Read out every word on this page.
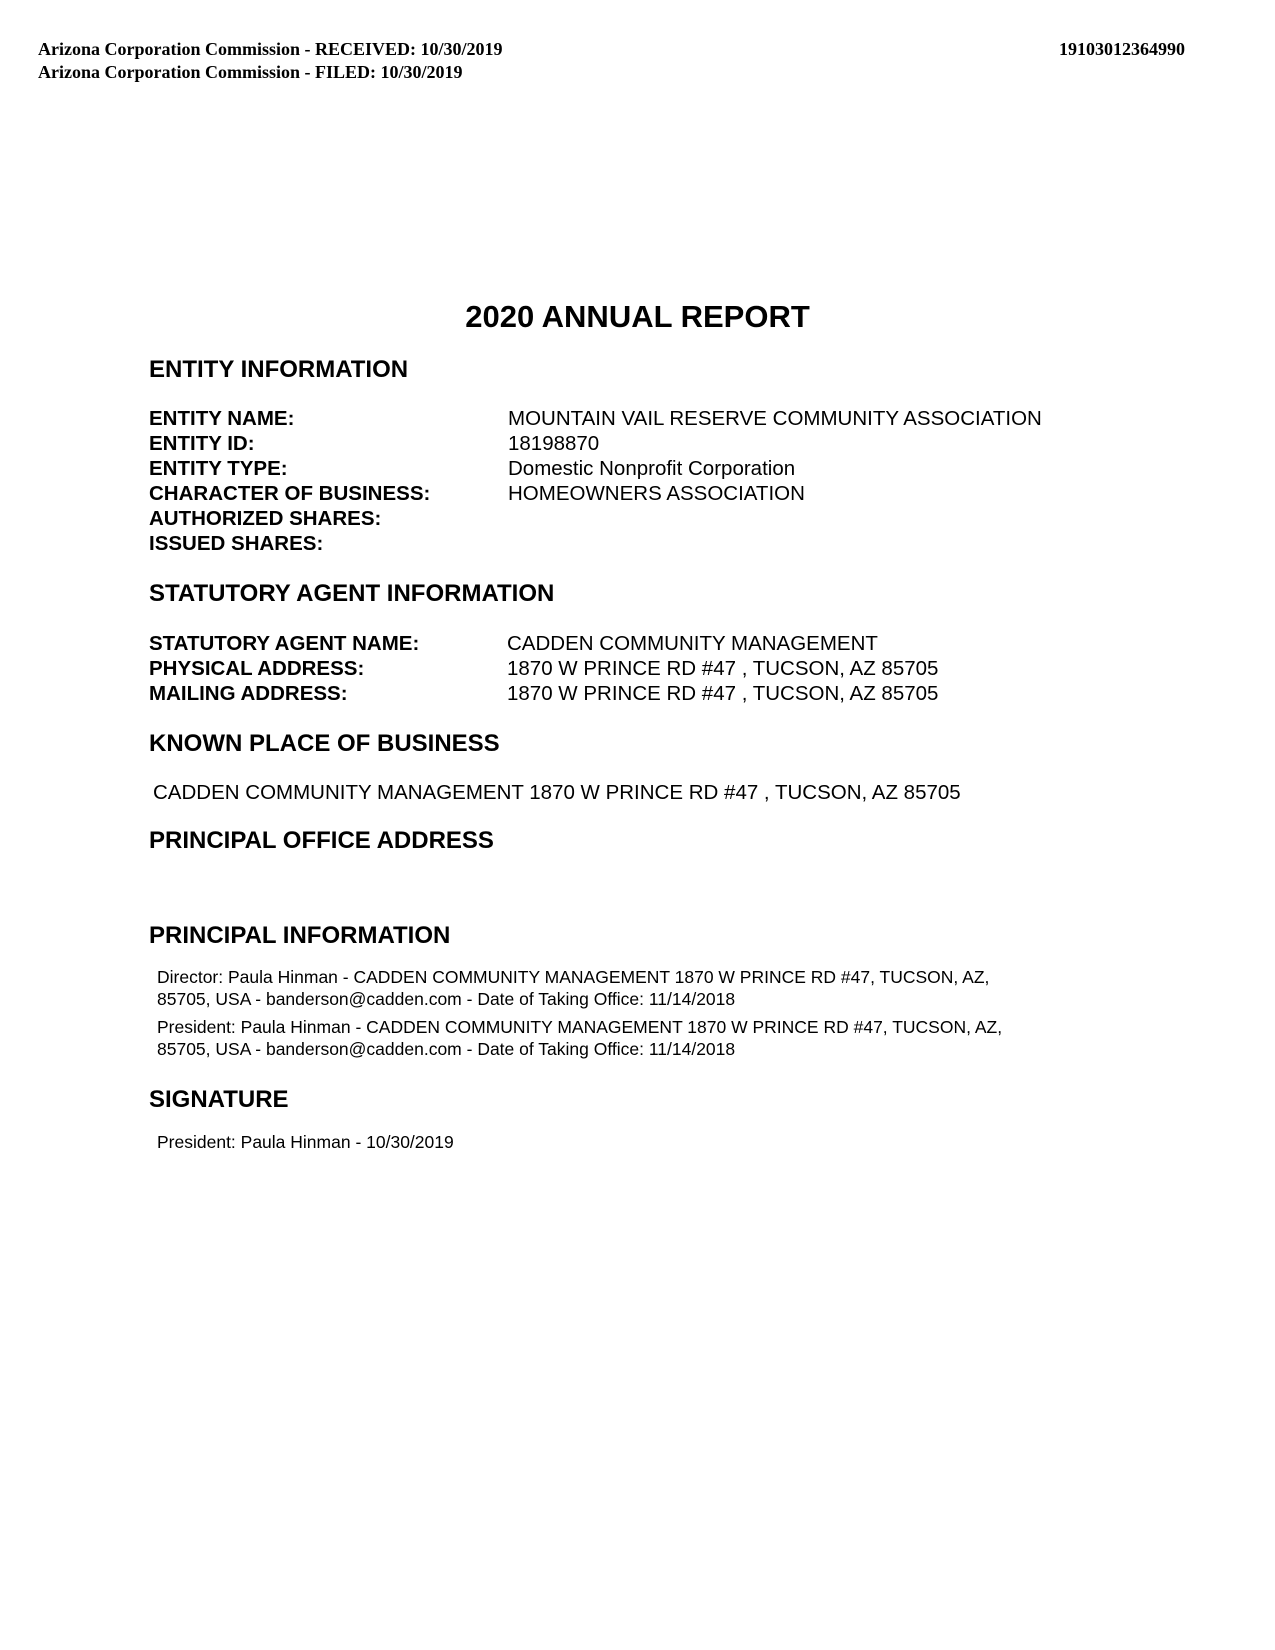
Arizona Corporation Commission - RECEIVED: 10/30/2019
Arizona Corporation Commission - FILED: 10/30/2019
19103012364990
2020 ANNUAL REPORT
ENTITY INFORMATION
ENTITY NAME:
ENTITY ID:
ENTITY TYPE:
CHARACTER OF BUSINESS:
AUTHORIZED SHARES:
ISSUED SHARES:
MOUNTAIN VAIL RESERVE COMMUNITY ASSOCIATION
18198870
Domestic Nonprofit Corporation
HOMEOWNERS ASSOCIATION
STATUTORY AGENT INFORMATION
STATUTORY AGENT NAME:
PHYSICAL ADDRESS:
MAILING ADDRESS:
CADDEN COMMUNITY MANAGEMENT
1870 W PRINCE RD #47 , TUCSON, AZ 85705
1870 W PRINCE RD #47 , TUCSON, AZ 85705
KNOWN PLACE OF BUSINESS
CADDEN COMMUNITY MANAGEMENT 1870 W PRINCE RD #47 , TUCSON, AZ 85705
PRINCIPAL OFFICE ADDRESS
PRINCIPAL INFORMATION
Director: Paula Hinman - CADDEN COMMUNITY MANAGEMENT 1870 W PRINCE RD #47, TUCSON, AZ,
85705, USA - banderson@cadden.com - Date of Taking Office: 11/14/2018
President: Paula Hinman - CADDEN COMMUNITY MANAGEMENT 1870 W PRINCE RD #47, TUCSON, AZ,
85705, USA - banderson@cadden.com - Date of Taking Office: 11/14/2018
SIGNATURE
President: Paula Hinman - 10/30/2019
